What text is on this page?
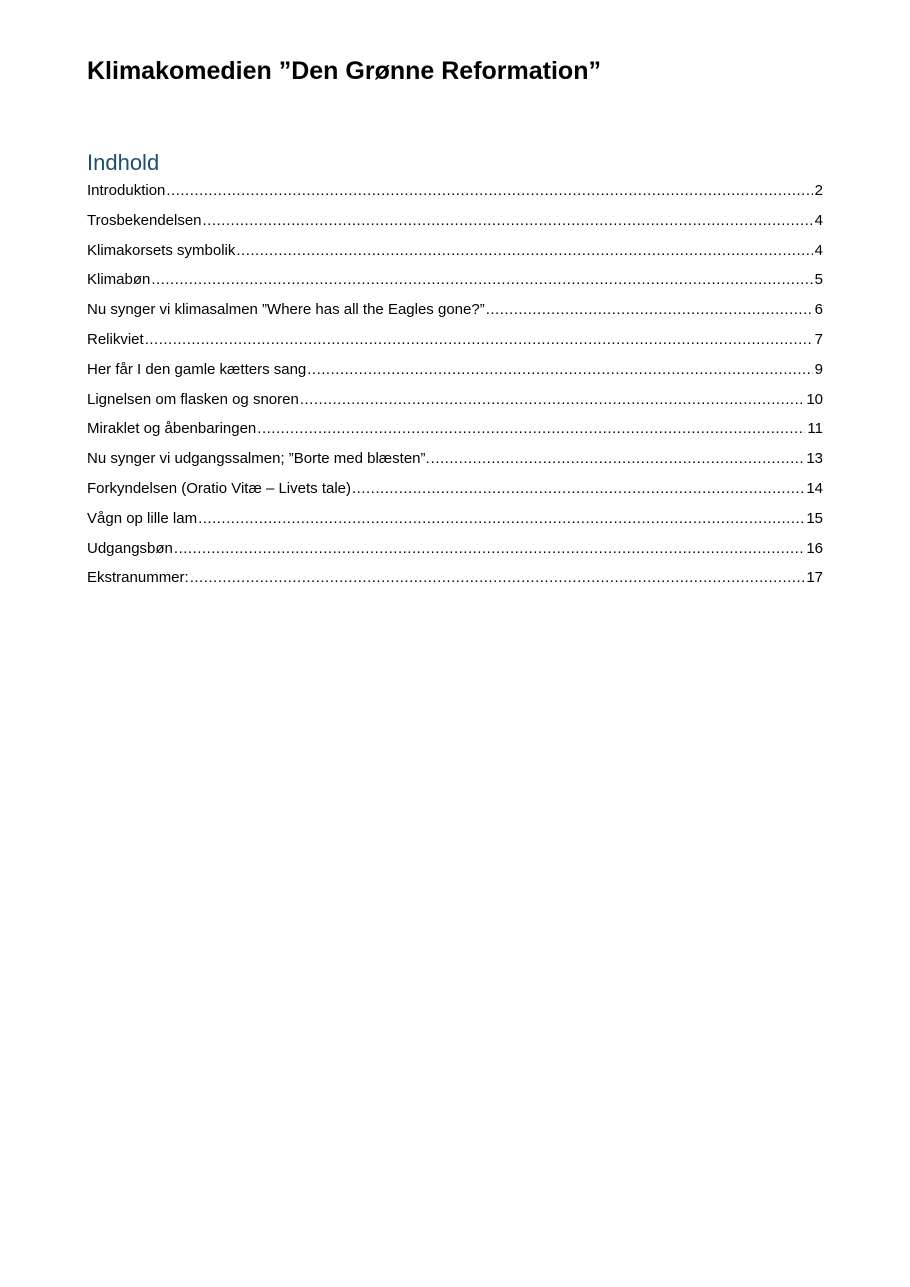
Klimakomedien ”Den Grønne Reformation”
Indhold
Introduktion .....	2
Trosbekendelsen .....	4
Klimakorsets symbolik .....	4
Klimabøn .....	5
Nu synger vi klimasalmen ”Where has all the Eagles gone?” .....	6
Relikviet .....	7
Her får I den gamle kætters sang .....	9
Lignelsen om flasken og snoren .....	10
Miraklet og åbenbaringen .....	11
Nu synger vi udgangssalmen; ”Borte med blæsten”. .....	13
Forkyndelsen (Oratio Vitæ – Livets tale) .....	14
Vågn op lille lam .....	15
Udgangsbøn .....	16
Ekstranummer: .....	17
